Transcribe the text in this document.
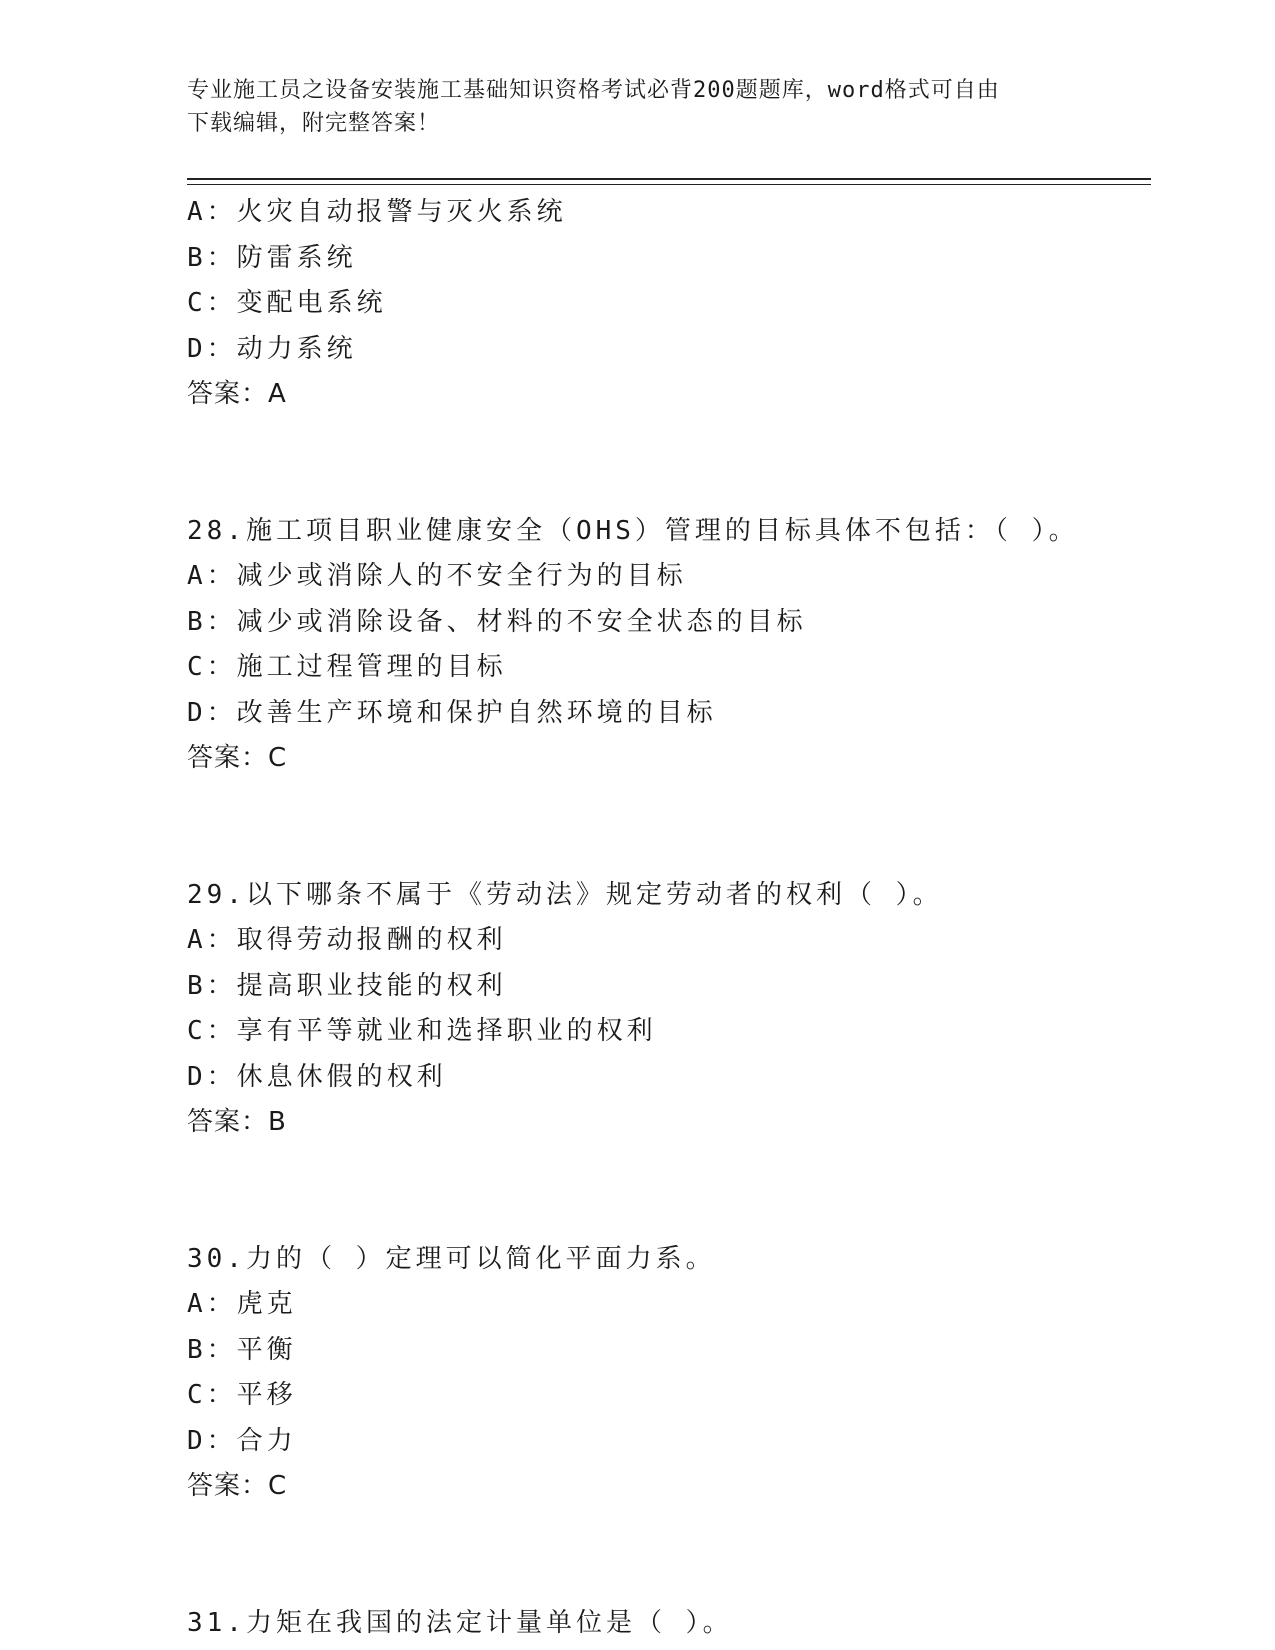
专业施工员之设备安装施工基础知识资格考试必背200题题库，word格式可自由
下载编辑，附完整答案！
A：火灾自动报警与灭火系统
B：防雷系统
C：变配电系统
D：动力系统
答案：A
28.施工项目职业健康安全（OHS）管理的目标具体不包括：（ ）。
A：减少或消除人的不安全行为的目标
B：减少或消除设备、材料的不安全状态的目标
C：施工过程管理的目标
D：改善生产环境和保护自然环境的目标
答案：C
29.以下哪条不属于《劳动法》规定劳动者的权利（ ）。
A：取得劳动报酬的权利
B：提高职业技能的权利
C：享有平等就业和选择职业的权利
D：休息休假的权利
答案：B
30.力的（ ）定理可以简化平面力系。
A：虎克
B：平衡
C：平移
D：合力
答案：C
31.力矩在我国的法定计量单位是（ ）。
